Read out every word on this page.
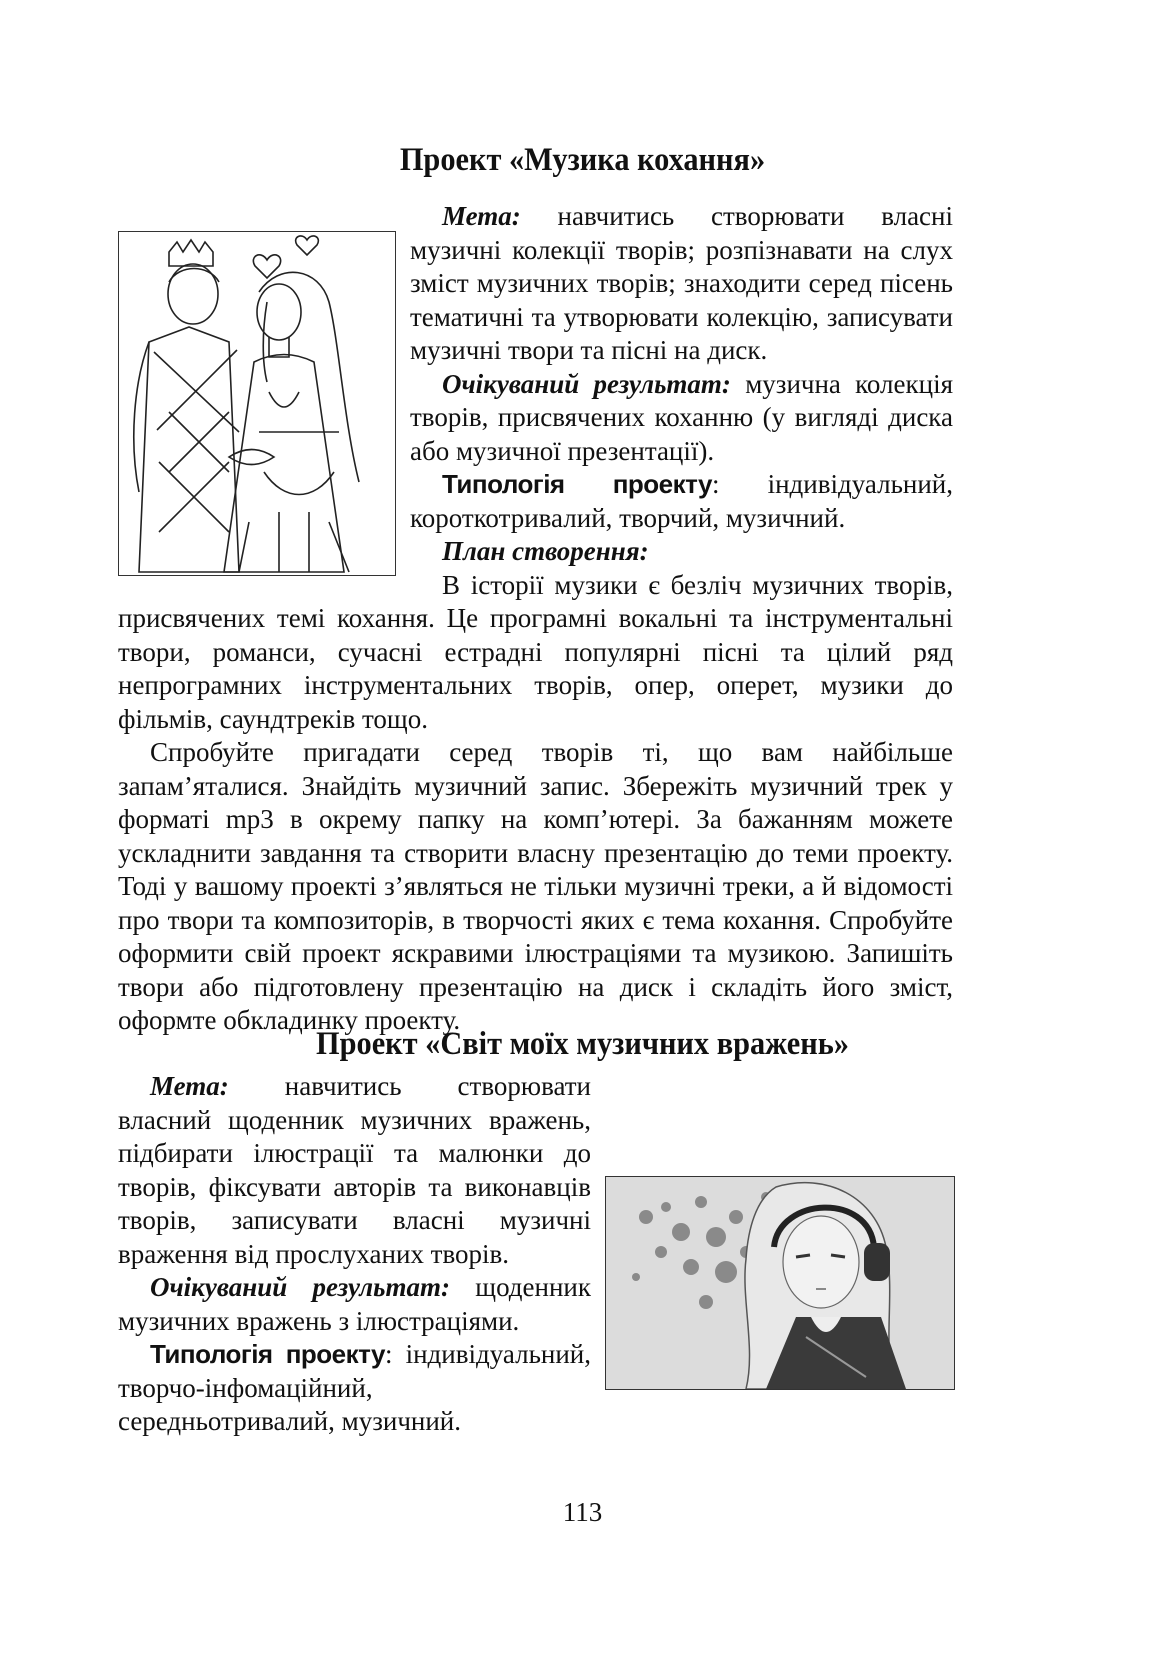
Проект «Музика кохання»

Мета: навчитись створювати власні музичні колекції творів; розпізнавати на слух зміст музичних творів; знаходити серед пісень тематичні та утворювати колекцію, записувати музичні твори та пісні на диск.

Очікуваний результат: музична колекція творів, присвячених коханню (у вигляді диска або музичної презентації).

Типологія проекту: індивідуальний, короткотривалий, творчий, музичний.

План створення:

В історії музики є безліч музичних творів, присвячених темі кохання. Це програмні вокальні та інструментальні твори, романси, сучасні естрадні популярні пісні та цілий ряд непрограмних інструментальних творів, опер, оперет, музики до фільмів, саундтреків тощо.

Спробуйте пригадати серед творів ті, що вам найбільше запам’яталися. Знайдіть музичний запис. Збережіть музичний трек у форматі mp3 в окрему папку на комп’ютері. За бажанням можете ускладнити завдання та створити власну презентацію до теми проекту. Тоді у вашому проекті з’являться не тільки музичні треки, а й відомості про твори та композиторів, в творчості яких є тема кохання. Спробуйте оформити свій проект яскравими ілюстраціями та музикою. Запишіть твори або підготовлену презентацію на диск і складіть його зміст, оформте обкладинку проекту.

Проект «Світ моїх музичних вражень»

Мета: навчитись створювати власний щоденник музичних вражень, підбирати ілюстрації та малюнки до творів, фіксувати авторів та виконавців творів, записувати власні музичні враження від прослуханих творів.

Очікуваний результат: щоденник музичних вражень з ілюстраціями.

Типологія проекту: індивідуальний, творчо-інфомаційний, середньотривалий, музичний.

113
